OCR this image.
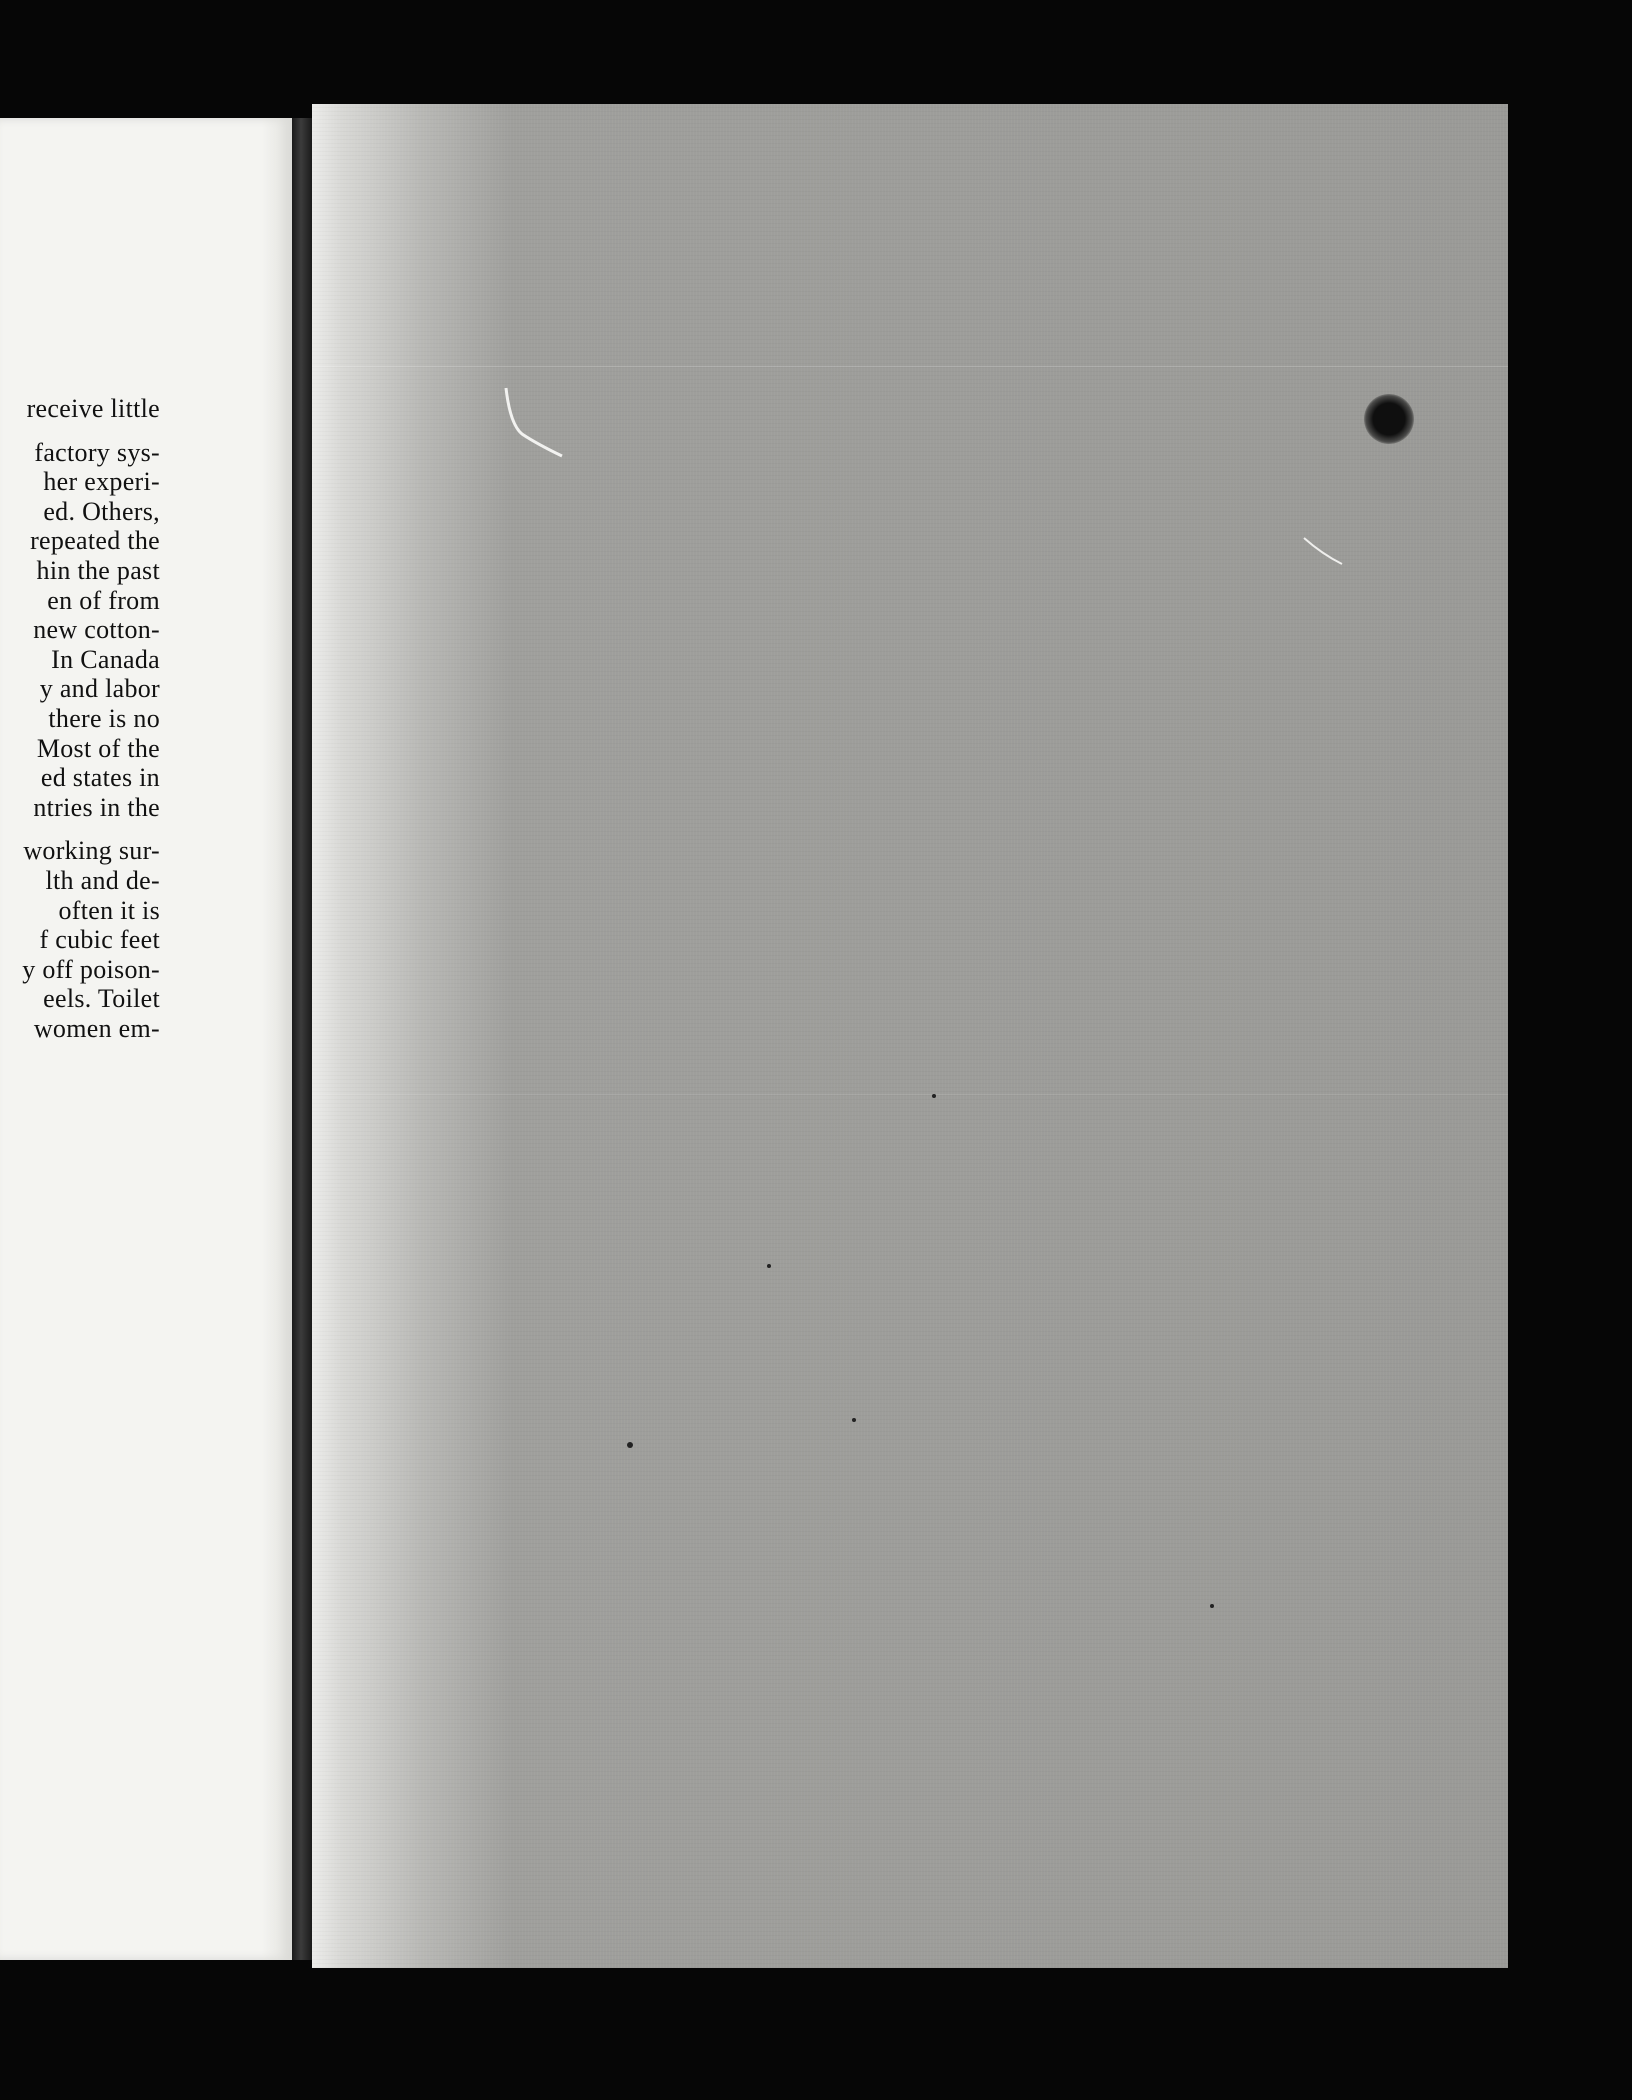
receive little
factory sys-
her experi-
ed. Others,
repeated the
hin the past
en of from
new cotton-
In Canada
y and labor
there is no
Most of the
ed states in
ntries in the
working sur-
lth and de-
often it is
f cubic feet
y off poison-
eels. Toilet
women em-
